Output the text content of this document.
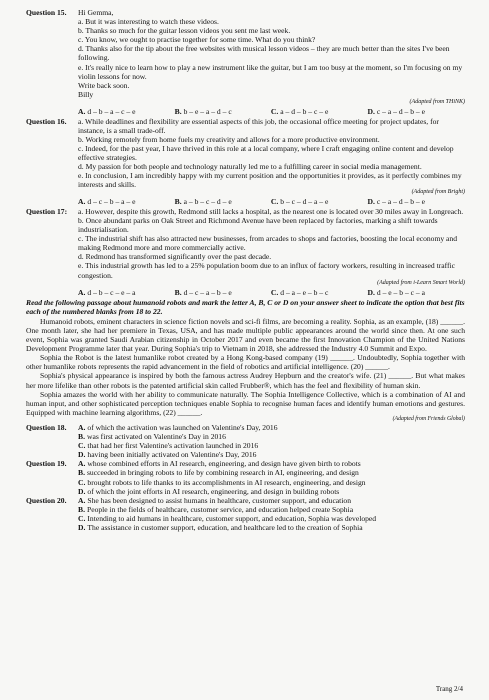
Question 15.	Hi Gemma,
a. But it was interesting to watch these videos.
b. Thanks so much for the guitar lesson videos you sent me last week.
c. You know, we ought to practise together for some time. What do you think?
d. Thanks also for the tip about the free websites with musical lesson videos – they are much better than the sites I've been following.
e. It's really nice to learn how to play a new instrument like the guitar, but I am too busy at the moment, so I'm focusing on my violin lessons for now.
Write back soon.
Billy
(Adapted from THiNK)
A. d – b – a – c – e	B. b – e – a – d – c	C. a – d – b – c – e	D. c – a – d – b – e
Question 16.	a. While deadlines and flexibility are essential aspects of this job, the occasional office meeting for project updates, for instance, is a small trade-off.
b. Working remotely from home fuels my creativity and allows for a more productive environment.
c. Indeed, for the past year, I have thrived in this role at a local company, where I craft engaging online content and develop effective strategies.
d. My passion for both people and technology naturally led me to a fulfilling career in social media management.
e. In conclusion, I am incredibly happy with my current position and the opportunities it provides, as it perfectly combines my interests and skills.
(Adapted from Bright)
A. d – c – b – a – e	B. a – b – c – d – e	C. b – c – d – a – e	D. c – a – d – b – e
Question 17:	a. However, despite this growth, Redmond still lacks a hospital, as the nearest one is located over 30 miles away in Longreach.
b. Once abundant parks on Oak Street and Richmond Avenue have been replaced by factories, marking a shift towards industrialisation.
c. The industrial shift has also attracted new businesses, from arcades to shops and factories, boosting the local economy and making Redmond more and more commercially active.
d. Redmond has transformed significantly over the past decade.
e. This industrial growth has led to a 25% population boom due to an influx of factory workers, resulting in increased traffic congestion.
(Adapted from i-Learn Smart World)
A. d – b – c – e – a	B. d – c – a – b – e	C. d – a – e – b – c	D. d – e – b – c – a
Read the following passage about humanoid robots and mark the letter A, B, C or D on your answer sheet to indicate the option that best fits each of the numbered blanks from 18 to 22.
Humanoid robots, eminent characters in science fiction novels and sci-fi films, are becoming a reality. Sophia, as an example, (18) ______. One month later, she had her premiere in Texas, USA, and has made multiple public appearances around the world since then. At one such event, Sophia was granted Saudi Arabian citizenship in October 2017 and even became the first Innovation Champion of the United Nations Development Programme later that year. During Sophia's trip to Vietnam in 2018, she addressed the Industry 4.0 Summit and Expo.
Sophia the Robot is the latest humanlike robot created by a Hong Kong-based company (19) ______. Undoubtedly, Sophia together with other humanlike robots represents the rapid advancement in the field of robotics and artificial intelligence. (20) ______.
Sophia's physical appearance is inspired by both the famous actress Audrey Hepburn and the creator's wife. (21) ______. But what makes her more lifelike than other robots is the patented artificial skin called Frubber®, which has the feel and flexibility of human skin.
Sophia amazes the world with her ability to communicate naturally. The Sophia Intelligence Collective, which is a combination of AI and human input, and other sophisticated perception techniques enable Sophia to recognise human faces and identify human emotions and gestures. Equipped with machine learning algorithms, (22) ______.
(Adapted from Friends Global)
Question 18.	A. of which the activation was launched on Valentine's Day, 2016
B. was first activated on Valentine's Day in 2016
C. that had her first Valentine's activation launched in 2016
D. having been initially activated on Valentine's Day, 2016
Question 19.	A. whose combined efforts in AI research, engineering, and design have given birth to robots
B. succeeded in bringing robots to life by combining research in AI, engineering, and design
C. brought robots to life thanks to its accomplishments in AI research, engineering, and design
D. of which the joint efforts in AI research, engineering, and design in building robots
Question 20.	A. She has been designed to assist humans in healthcare, customer support, and education
B. People in the fields of healthcare, customer service, and education helped create Sophia
C. Intending to aid humans in healthcare, customer support, and education, Sophia was developed
D. The assistance in customer support, education, and healthcare led to the creation of Sophia
Trang 2/4
